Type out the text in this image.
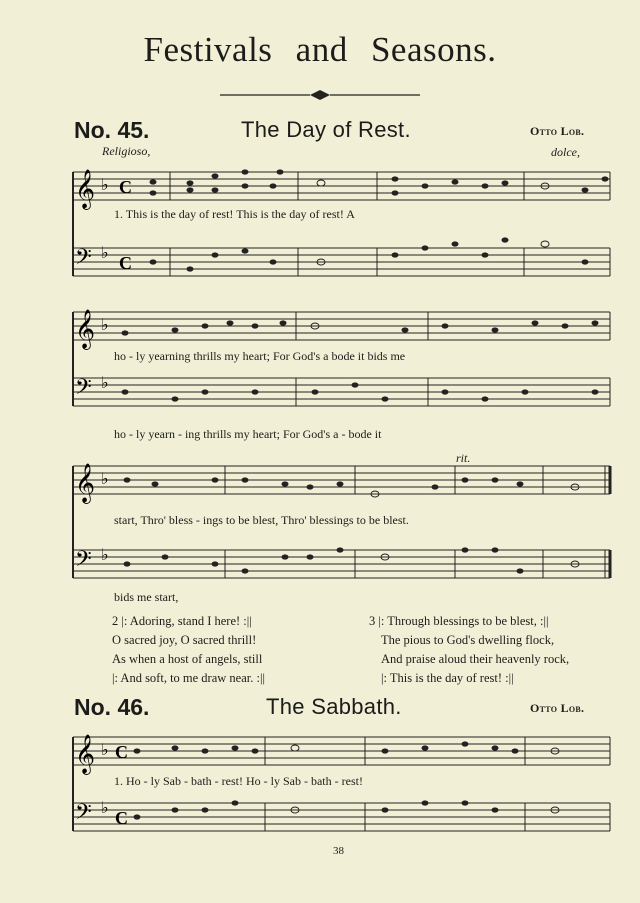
Festivals and Seasons.
No. 45.	The Day of Rest.	Otto Lob.
Religioso,	dolce,
𝄞
𝄢
♭
♭
C
C
1. This is the day of rest! This is the day of rest! A
𝄞
𝄢
♭
♭
ho - ly yearning thrills my heart; For God's a bode it bids me
ho - ly yearn - ing thrills my heart; For God's a - bode it
rit.
𝄞
𝄢
♭
♭
start, Thro' bless - ings to be blest, Thro' blessings to be blest.
bids me start,
2 |: Adoring, stand I here! :||
O sacred joy, O sacred thrill!
As when a host of angels, still
|: And soft, to me draw near. :||
3 |: Through blessings to be blest, :||
The pious to God's dwelling flock,
And praise aloud their heavenly rock,
|: This is the day of rest! :||
No. 46.	The Sabbath.	Otto Lob.
𝄞
𝄢
♭
♭
C
C
1. Ho - ly Sab - bath - rest! Ho - ly Sab - bath - rest!
38
